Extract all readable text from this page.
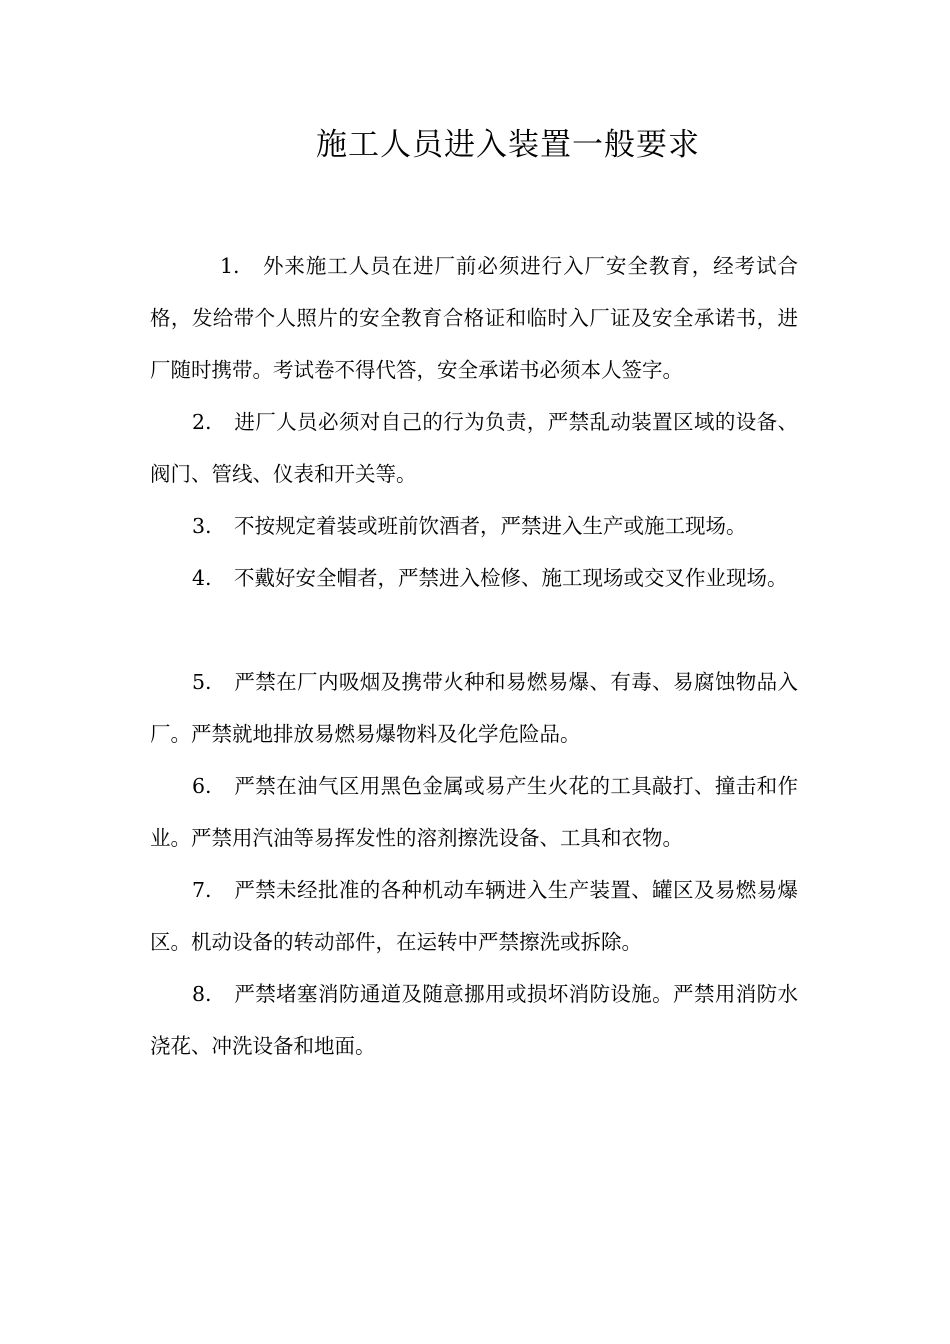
施工人员进入装置一般要求

1. 外来施工人员在进厂前必须进行入厂安全教育，经考试合格，发给带个人照片的安全教育合格证和临时入厂证及安全承诺书，进厂随时携带。考试卷不得代答，安全承诺书必须本人签字。

2. 进厂人员必须对自己的行为负责，严禁乱动装置区域的设备、阀门、管线、仪表和开关等。

3. 不按规定着装或班前饮酒者，严禁进入生产或施工现场。

4. 不戴好安全帽者，严禁进入检修、施工现场或交叉作业现场。

5. 严禁在厂内吸烟及携带火种和易燃易爆、有毒、易腐蚀物品入厂。严禁就地排放易燃易爆物料及化学危险品。

6. 严禁在油气区用黑色金属或易产生火花的工具敲打、撞击和作业。严禁用汽油等易挥发性的溶剂擦洗设备、工具和衣物。

7. 严禁未经批准的各种机动车辆进入生产装置、罐区及易燃易爆区。机动设备的转动部件，在运转中严禁擦洗或拆除。

8. 严禁堵塞消防通道及随意挪用或损坏消防设施。严禁用消防水浇花、冲洗设备和地面。
